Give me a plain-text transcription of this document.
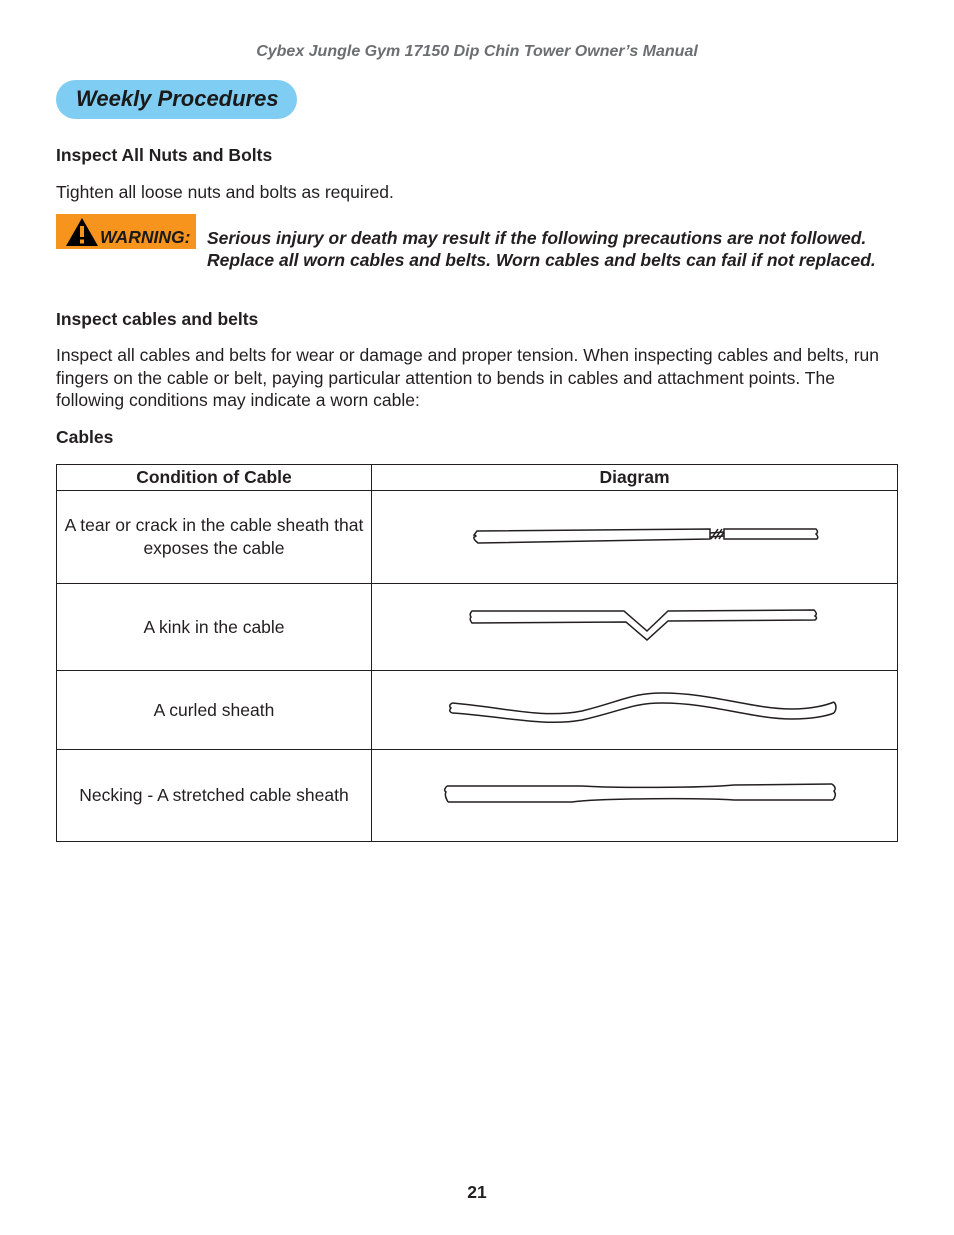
Cybex Jungle Gym 17150 Dip Chin Tower Owner’s Manual
Weekly Procedures
Inspect All Nuts and Bolts
Tighten all loose nuts and bolts as required.
WARNING: Serious injury or death may result if the following precautions are not followed. Replace all worn cables and belts. Worn cables and belts can fail if not replaced.
Inspect cables and belts
Inspect all cables and belts for wear or damage and proper tension. When inspecting cables and belts, run fingers on the cable or belt, paying particular attention to bends in cables and attachment points. The following conditions may indicate a worn cable:
Cables
Condition of Cable	Diagram
A tear or crack in the cable sheath that exposes the cable	

A kink in the cable	

A curled sheath	

Necking - A stretched cable sheath	
21
